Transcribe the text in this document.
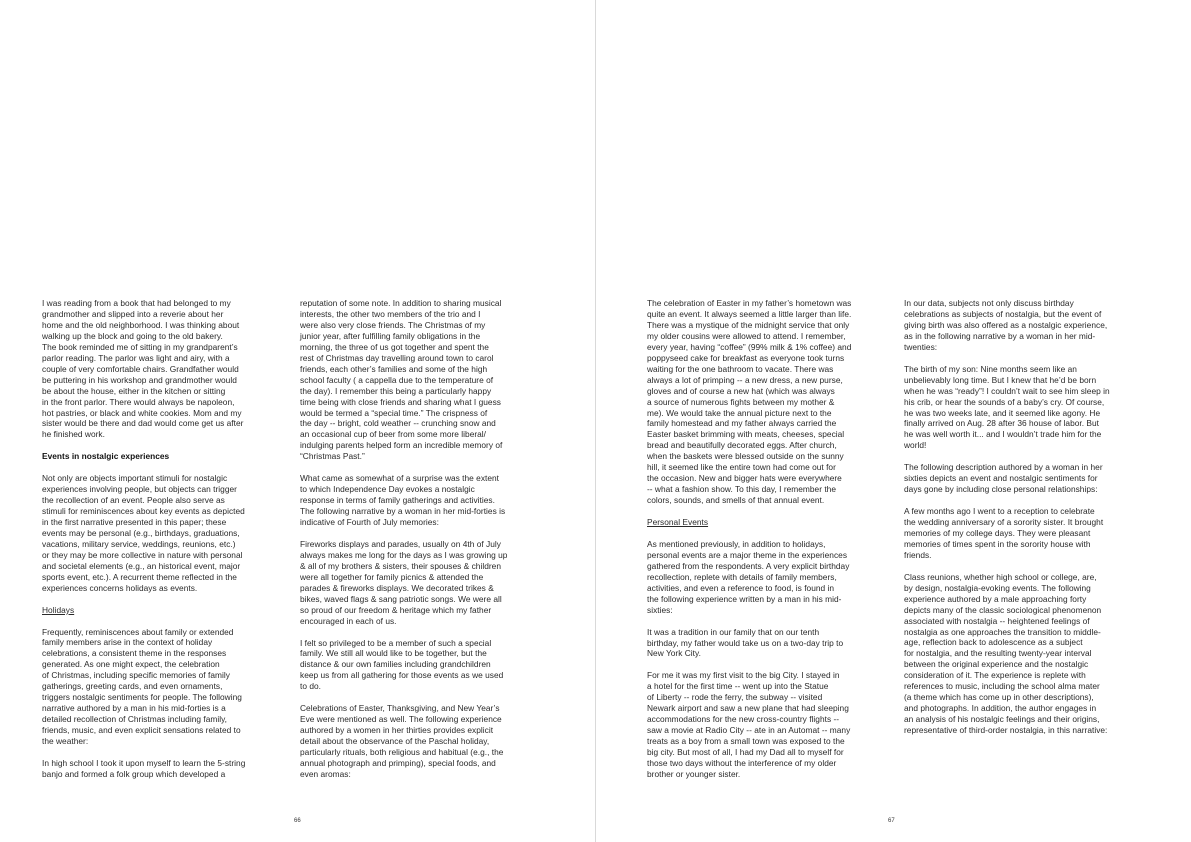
I was reading from a book that had belonged to my

grandmother and slipped into a reverie about her

home and the old neighborhood. I was thinking about

walking up the block and going to the old bakery.

The book reminded me of sitting in my grandparent’s

parlor reading. The parlor was light and airy, with a

couple of very comfortable chairs. Grandfather would

be puttering in his workshop and grandmother would

be about the house, either in the kitchen or sitting

in the front parlor. There would always be napoleon,

hot pastries, or black and white cookies. Mom and my

sister would be there and dad would come get us after

he finished work.

Events in nostalgic experiences

Not only are objects important stimuli for nostalgic

experiences involving people, but objects can trigger

the recollection of an event. People also serve as

stimuli for reminiscences about key events as depicted

in the first narrative presented in this paper; these

events may be personal (e.g., birthdays, graduations,

vacations, military service, weddings, reunions, etc.)

or they may be more collective in nature with personal

and societal elements (e.g., an historical event, major

sports event, etc.). A recurrent theme reflected in the

experiences concerns holidays as events.

Holidays

Frequently, reminiscences about family or extended

family members arise in the context of holiday

celebrations, a consistent theme in the responses

generated. As one might expect, the celebration

of Christmas, including specific memories of family

gatherings, greeting cards, and even ornaments,

triggers nostalgic sentiments for people. The following

narrative authored by a man in his mid-forties is a

detailed recollection of Christmas including family,

friends, music, and even explicit sensations related to

the weather:

In high school I took it upon myself to learn the 5-string

banjo and formed a folk group which developed a

reputation of some note. In addition to sharing musical

interests, the other two members of the trio and I

were also very close friends. The Christmas of my

junior year, after fulfilling family obligations in the

morning, the three of us got together and spent the

rest of Christmas day travelling around town to carol

friends, each other’s families and some of the high

school faculty ( a cappella due to the temperature of

the day). I remember this being a particularly happy

time being with close friends and sharing what I guess

would be termed a “special time.” The crispness of

the day -- bright, cold weather -- crunching snow and

an occasional cup of beer from some more liberal/

indulging parents helped form an incredible memory of

“Christmas Past.”

What came as somewhat of a surprise was the extent

to which Independence Day evokes a nostalgic

response in terms of family gatherings and activities.

The following narrative by a woman in her mid-forties is

indicative of Fourth of July memories:

Fireworks displays and parades, usually on 4th of July

always makes me long for the days as I was growing up

& all of my brothers & sisters, their spouses & children

were all together for family picnics & attended the

parades & fireworks displays. We decorated trikes &

bikes, waved flags & sang patriotic songs. We were all

so proud of our freedom & heritage which my father

encouraged in each of us.

I felt so privileged to be a member of such a special

family. We still all would like to be together, but the

distance & our own families including grandchildren

keep us from all gathering for those events as we used

to do.

Celebrations of Easter, Thanksgiving, and New Year’s

Eve were mentioned as well. The following experience

authored by a women in her thirties provides explicit

detail about the observance of the Paschal holiday,

particularly rituals, both religious and habitual (e.g., the

annual photograph and primping), special foods, and

even aromas:

The celebration of Easter in my father’s hometown was

quite an event. It always seemed a little larger than life.

There was a mystique of the midnight service that only

my older cousins were allowed to attend. I remember,

every year, having “coffee” (99% milk & 1% coffee) and

poppyseed cake for breakfast as everyone took turns

waiting for the one bathroom to vacate. There was

always a lot of primping -- a new dress, a new purse,

gloves and of course a new hat (which was always

a source of numerous fights between my mother &

me). We would take the annual picture next to the

family homestead and my father always carried the

Easter basket brimming with meats, cheeses, special

bread and beautifully decorated eggs. After church,

when the baskets were blessed outside on the sunny

hill, it seemed like the entire town had come out for

the occasion. New and bigger hats were everywhere

-- what a fashion show. To this day, I remember the

colors, sounds, and smells of that annual event.

Personal Events

As mentioned previously, in addition to holidays,

personal events are a major theme in the experiences

gathered from the respondents. A very explicit birthday

recollection, replete with details of family members,

activities, and even a reference to food, is found in

the following experience written by a man in his mid-

sixties:

It was a tradition in our family that on our tenth

birthday, my father would take us on a two-day trip to

New York City.

For me it was my first visit to the big City. I stayed in

a hotel for the first time -- went up into the Statue

of Liberty -- rode the ferry, the subway -- visited

Newark airport and saw a new plane that had sleeping

accommodations for the new cross-country flights --

saw a movie at Radio City -- ate in an Automat -- many

treats as a boy from a small town was exposed to the

big city. But most of all, I had my Dad all to myself for

those two days without the interference of my older

brother or younger sister.

In our data, subjects not only discuss birthday

celebrations as subjects of nostalgia, but the event of

giving birth was also offered as a nostalgic experience,

as in the following narrative by a woman in her mid-

twenties:

The birth of my son: Nine months seem like an

unbelievably long time. But I knew that he’d be born

when he was “ready”! I couldn’t wait to see him sleep in

his crib, or hear the sounds of a baby’s cry. Of course,

he was two weeks late, and it seemed like agony. He

finally arrived on Aug. 28 after 36 house of labor. But

he was well worth it... and I wouldn’t trade him for the

world!

The following description authored by a woman in her

sixties depicts an event and nostalgic sentiments for

days gone by including close personal relationships:

A few months ago I went to a reception to celebrate

the wedding anniversary of a sorority sister. It brought

memories of my college days. They were pleasant

memories of times spent in the sorority house with

friends.

Class reunions, whether high school or college, are,

by design, nostalgia-evoking events. The following

experience authored by a male approaching forty

depicts many of the classic sociological phenomenon

associated with nostalgia -- heightened feelings of

nostalgia as one approaches the transition to middle-

age, reflection back to adolescence as a subject

for nostalgia, and the resulting twenty-year interval

between the original experience and the nostalgic

consideration of it. The experience is replete with

references to music, including the school alma mater

(a theme which has come up in other descriptions),

and photographs. In addition, the author engages in

an analysis of his nostalgic feelings and their origins,

representative of third-order nostalgia, in this narrative:

66	67
